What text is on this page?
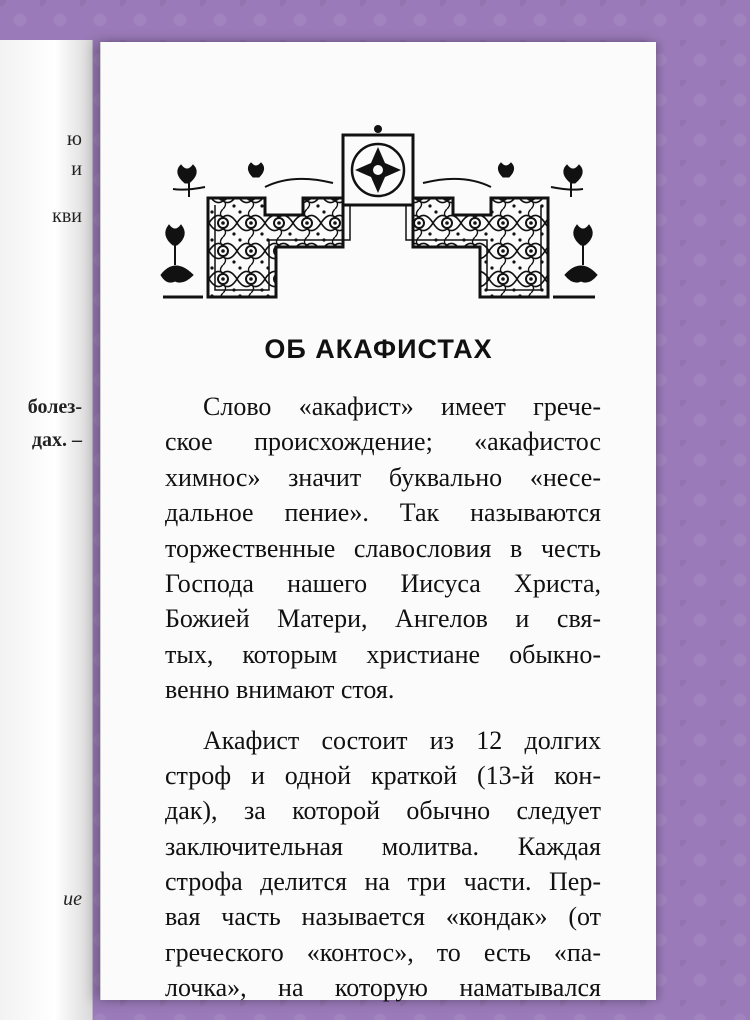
ю
и
кви
болез-
дах. –
ие
ОБ АКАФИСТАХ
Слово «акафист» имеет грече-
ское происхождение; «акафистос
химнос» значит буквально «несе-
дальное пение». Так называются
торжественные славословия в честь
Господа нашего Иисуса Христа,
Божией Матери, Ангелов и свя-
тых, которым христиане обыкно-
венно внимают стоя.
Акафист состоит из 12 долгих
строф и одной краткой (13-й кон-
дак), за которой обычно следует
заключительная молитва. Каждая
строфа делится на три части. Пер-
вая часть называется «кондак» (от
греческого «контос», то есть «па-
лочка», на которую наматывался
